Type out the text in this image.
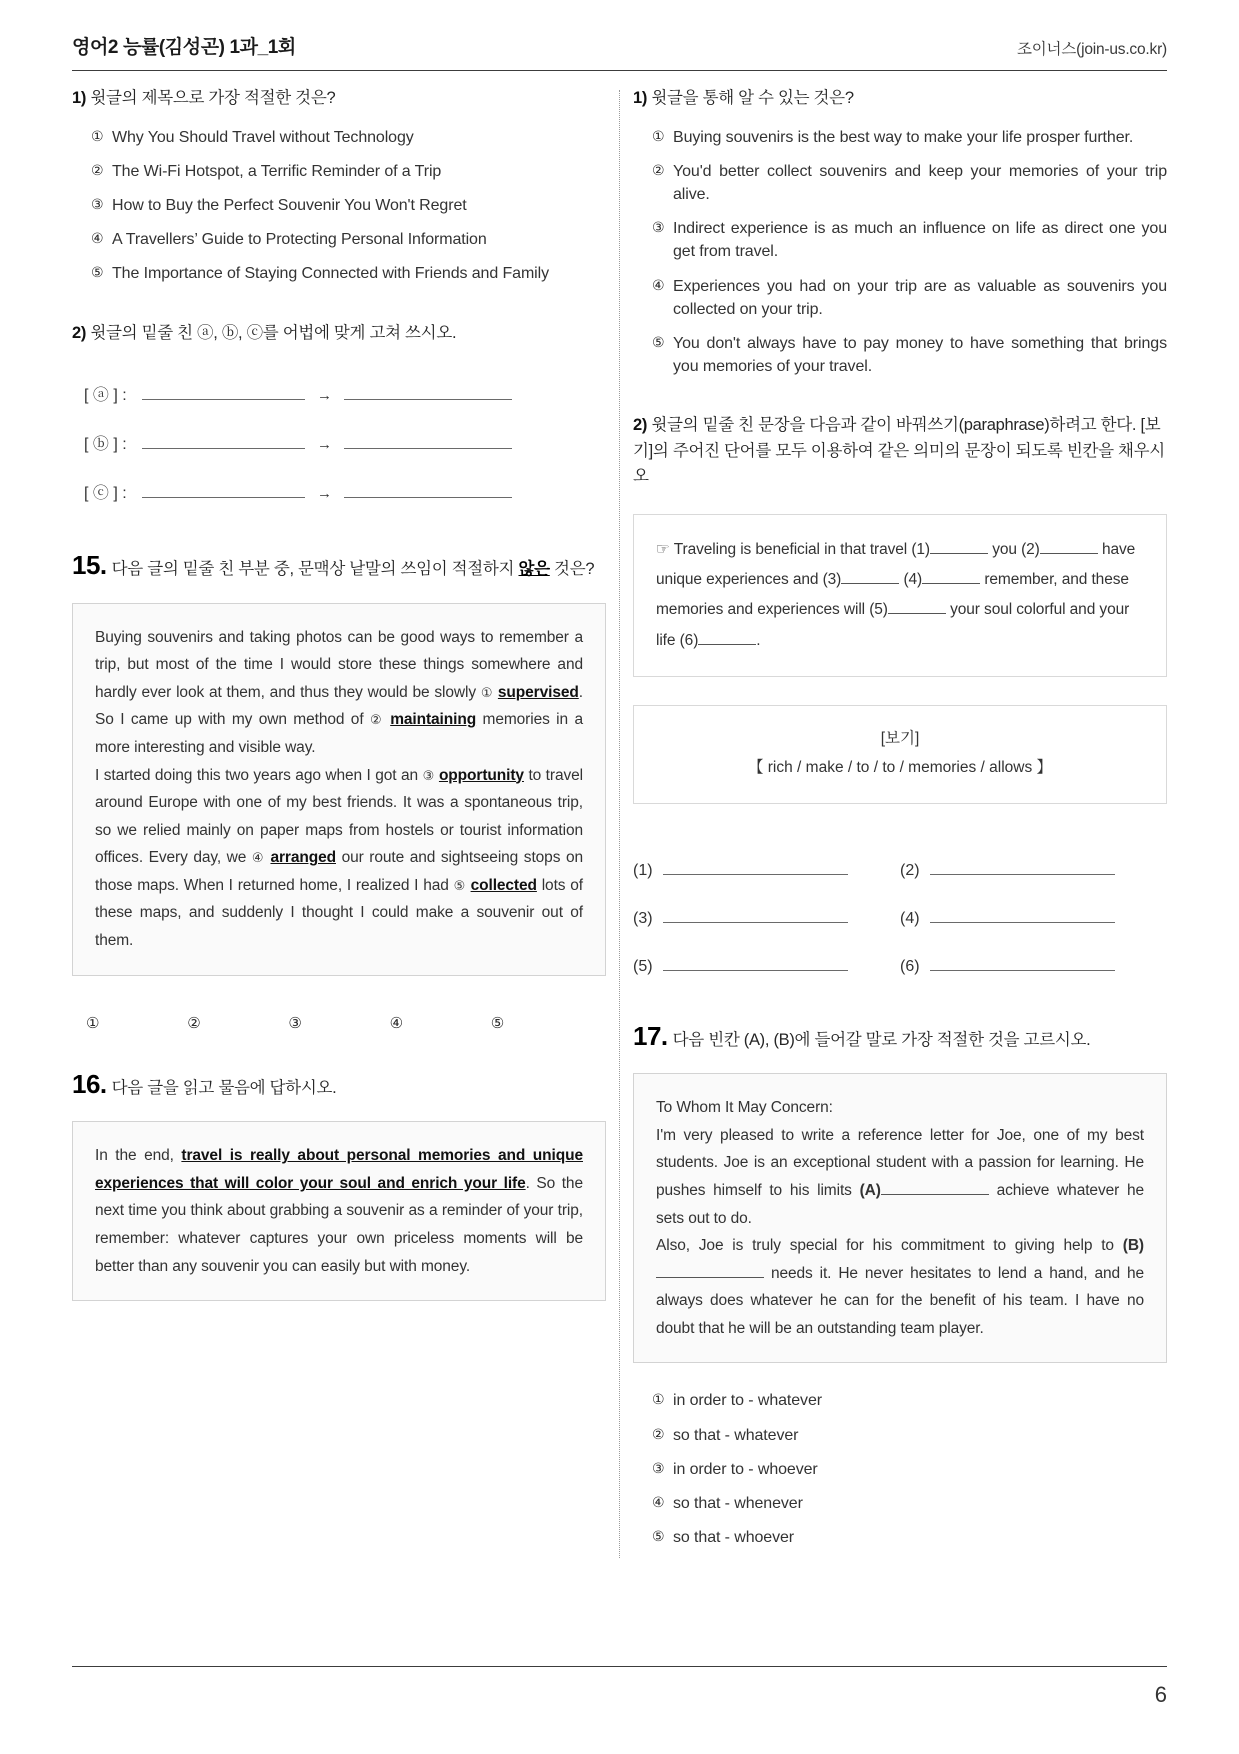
영어2 능률(김성곤) 1과_1회	조이너스(join-us.co.kr)

1) 윗글의 제목으로 가장 적절한 것은?

① Why You Should Travel without Technology
② The Wi-Fi Hotspot, a Terrific Reminder of a Trip
③ How to Buy the Perfect Souvenir You Won't Regret
④ A Travellers’ Guide to Protecting Personal Information
⑤ The Importance of Staying Connected with Friends and Family

2) 윗글의 밑줄 친 ⓐ, ⓑ, ⓒ를 어법에 맞게 고쳐 쓰시오.

[ ⓐ ] :	→
[ ⓑ ] :	→
[ ⓒ ] :	→

15. 다음 글의 밑줄 친 부분 중, 문맥상 낱말의 쓰임이 적절하지 않은 것은?

Buying souvenirs and taking photos can be good ways to remember a trip, but most of the time I would store these things somewhere and hardly ever look at them, and thus they would be slowly ① supervised. So I came up with my own method of ② maintaining memories in a more interesting and visible way.

I started doing this two years ago when I got an ③ opportunity to travel around Europe with one of my best friends. It was a spontaneous trip, so we relied mainly on paper maps from hostels or tourist information offices. Every day, we ④ arranged our route and sightseeing stops on those maps. When I returned home, I realized I had ⑤ collected lots of these maps, and suddenly I thought I could make a souvenir out of them.

①	②	③	④	⑤

16. 다음 글을 읽고 물음에 답하시오.

In the end, travel is really about personal memories and unique experiences that will color your soul and enrich your life. So the next time you think about grabbing a souvenir as a reminder of your trip, remember: whatever captures your own priceless moments will be better than any souvenir you can easily but with money.

1) 윗글을 통해 알 수 있는 것은?

① Buying souvenirs is the best way to make your life prosper further.
② You'd better collect souvenirs and keep your memories of your trip alive.
③ Indirect experience is as much an influence on life as direct one you get from travel.
④ Experiences you had on your trip are as valuable as souvenirs you collected on your trip.
⑤ You don't always have to pay money to have something that brings you memories of your travel.

2) 윗글의 밑줄 친 문장을 다음과 같이 바꿔쓰기(paraphrase)하려고 한다. [보기]의 주어진 단어를 모두 이용하여 같은 의미의 문장이 되도록 빈칸을 채우시오

☞ Traveling is beneficial in that travel (1)	you (2)	have unique experiences and (3)	(4)	remember, and these memories and experiences will (5)	your soul colorful and your life (6)	.

[보기]
【 rich / make / to / to / memories / allows 】
(1)	(2)
(3)	(4)
(5)	(6)

17. 다음 빈칸 (A), (B)에 들어갈 말로 가장 적절한 것을 고르시오.

To Whom It May Concern:

I'm very pleased to write a reference letter for Joe, one of my best students. Joe is an exceptional student with a passion for learning. He pushes himself to his limits (A)	achieve whatever he sets out to do.

Also, Joe is truly special for his commitment to giving help to (B) needs it. He never hesitates to lend a hand, and he always does whatever he can for the benefit of his team. I have no doubt that he will be an outstanding team player.

① in order to - whatever
② so that - whatever
③ in order to - whoever
④ so that - whenever
⑤ so that - whoever
6
